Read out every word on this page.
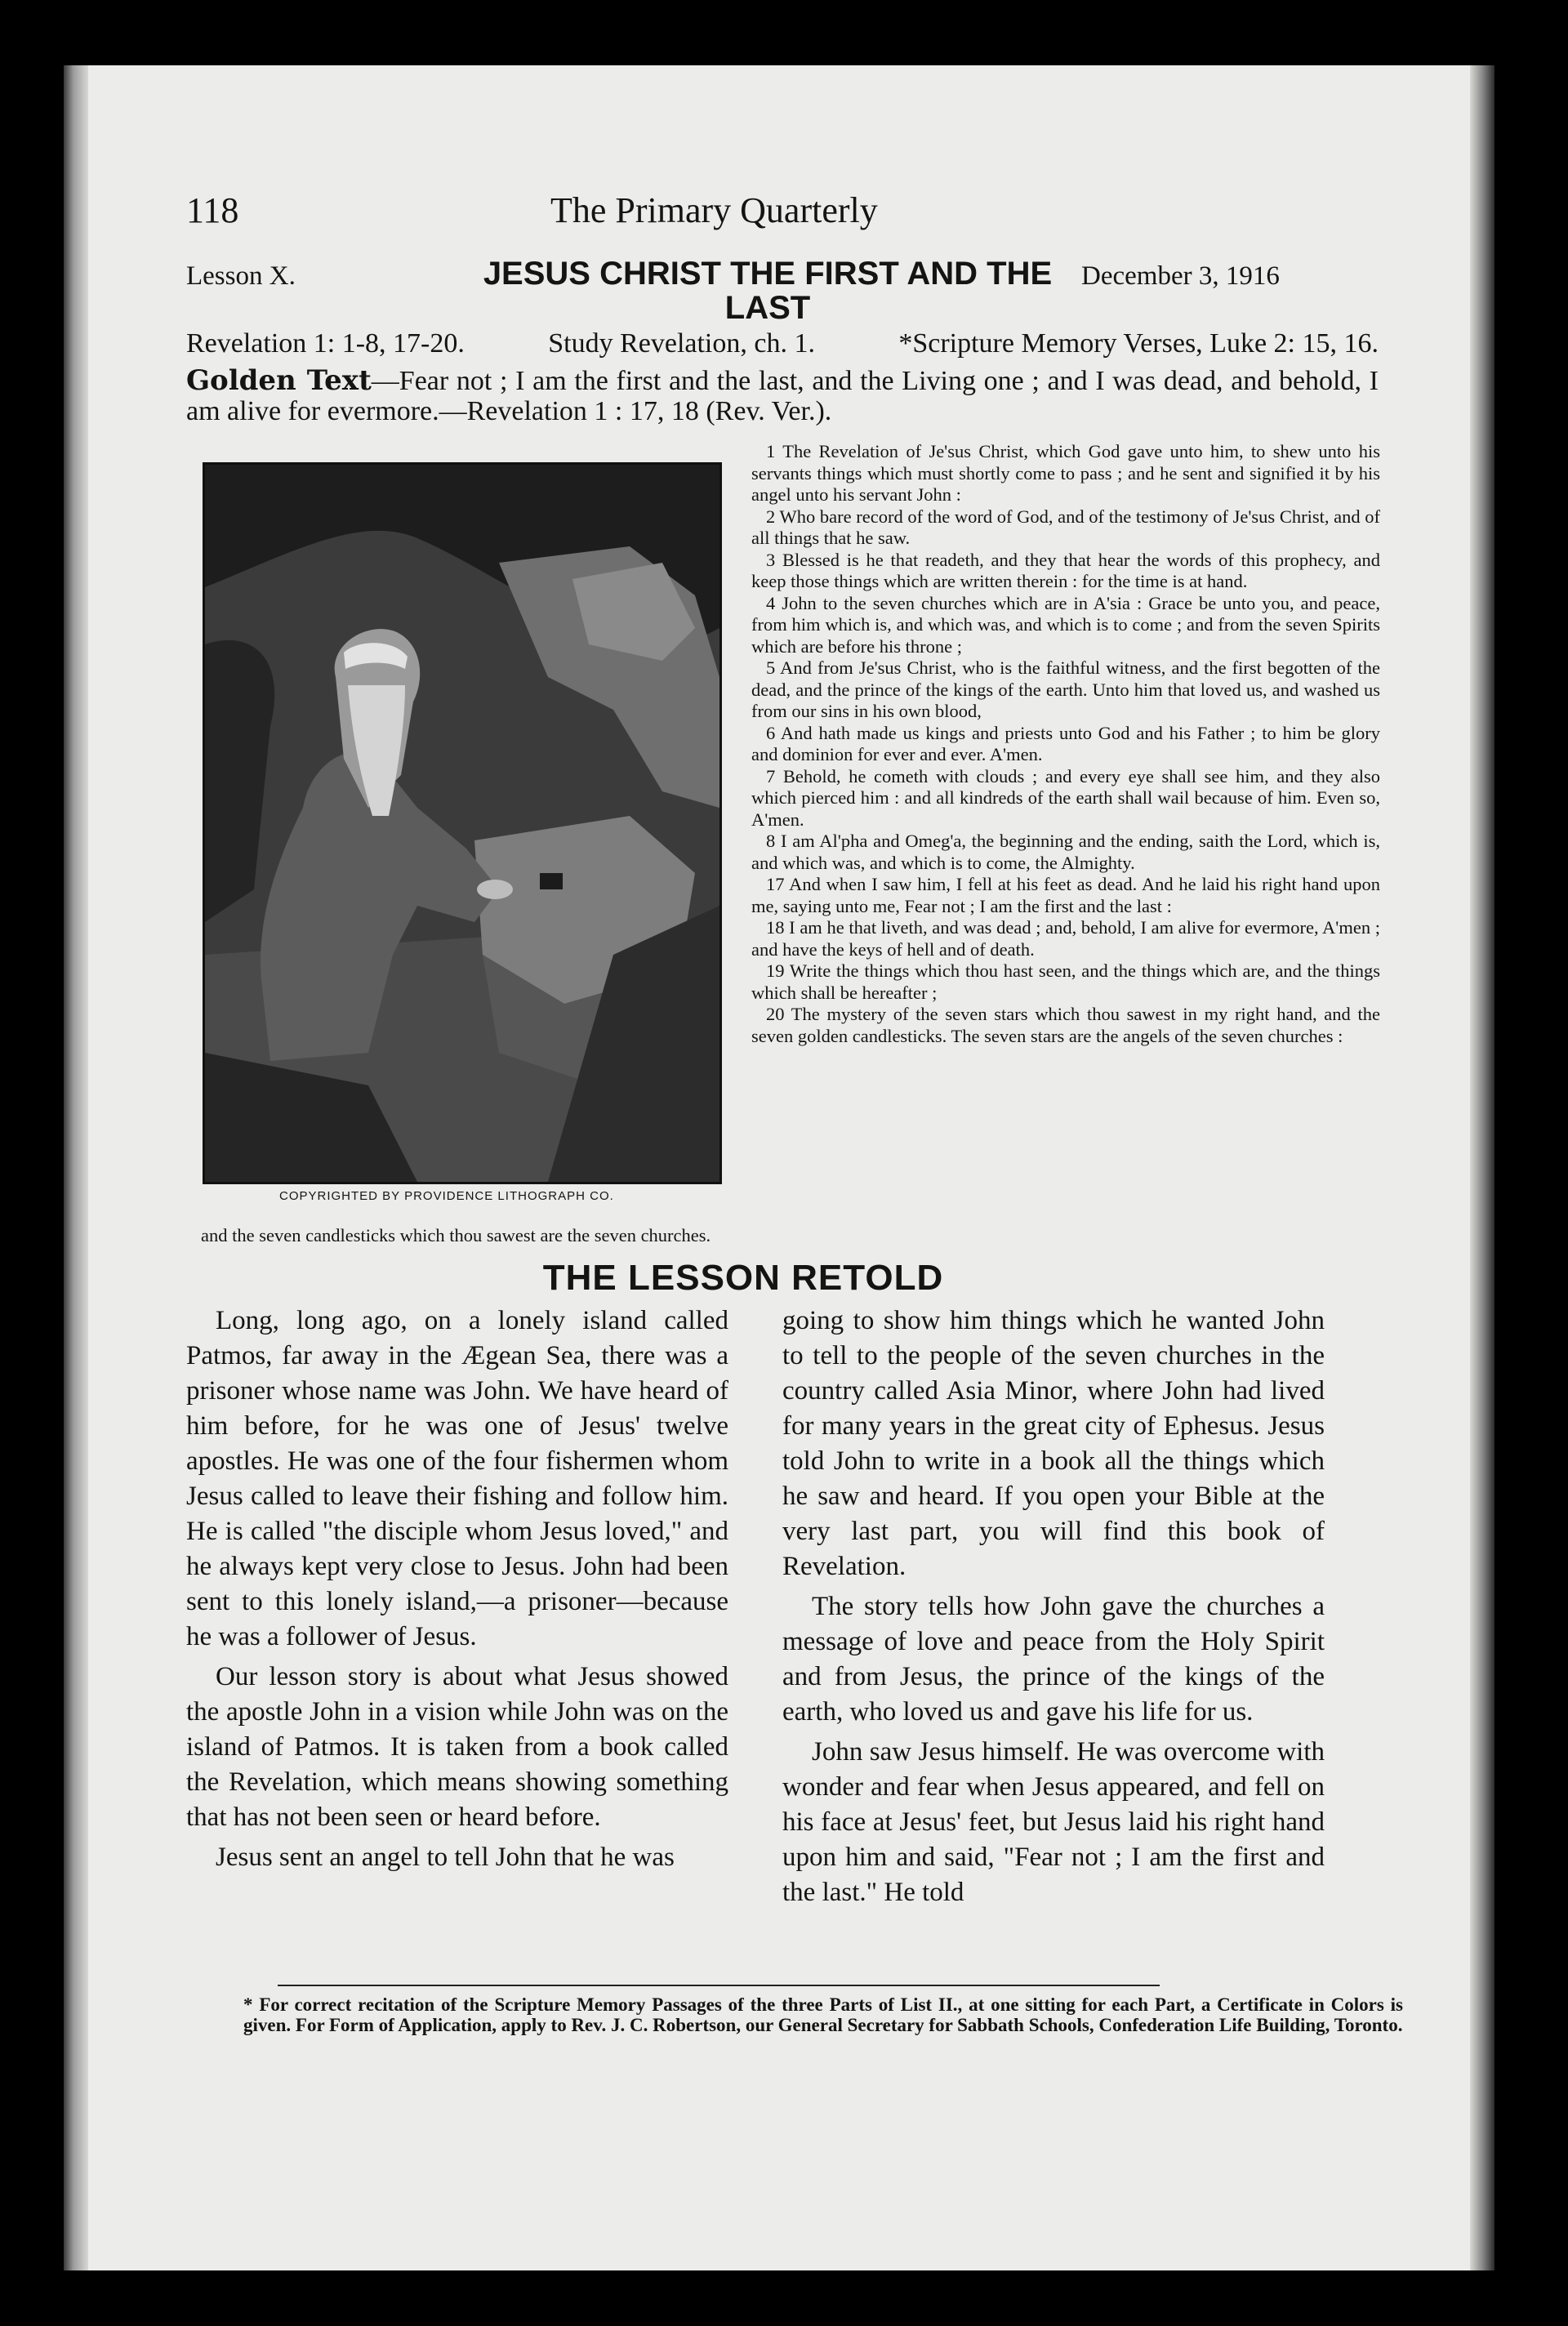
118	The Primary Quarterly
Lesson X.	JESUS CHRIST THE FIRST AND THE
LAST
December 3, 1916
Revelation 1: 1-8, 17-20.	Study Revelation, ch. 1.	*Scripture Memory Verses, Luke 2: 15, 16.
Golden Text—Fear not ; I am the first and the last, and the Living one ; and I was dead, and behold, I am alive for evermore.—Revelation 1 : 17, 18 (Rev. Ver.).
COPYRIGHTED BY PROVIDENCE LITHOGRAPH CO.

1 The Revelation of Je'sus Christ, which God gave unto him, to shew unto his servants things which must shortly come to pass ; and he sent and signified it by his angel unto his servant John :

2 Who bare record of the word of God, and of the testimony of Je'sus Christ, and of all things that he saw.

3 Blessed is he that readeth, and they that hear the words of this prophecy, and keep those things which are written therein : for the time is at hand.

4 John to the seven churches which are in A'sia : Grace be unto you, and peace, from him which is, and which was, and which is to come ; and from the seven Spirits which are before his throne ;

5 And from Je'sus Christ, who is the faithful witness, and the first begotten of the dead, and the prince of the kings of the earth. Unto him that loved us, and washed us from our sins in his own blood,

6 And hath made us kings and priests unto God and his Father ; to him be glory and dominion for ever and ever. A'men.

7 Behold, he cometh with clouds ; and every eye shall see him, and they also which pierced him : and all kindreds of the earth shall wail because of him. Even so, A'men.

8 I am Al'pha and Omeg'a, the beginning and the ending, saith the Lord, which is, and which was, and which is to come, the Almighty.

17 And when I saw him, I fell at his feet as dead. And he laid his right hand upon me, saying unto me, Fear not ; I am the first and the last :

18 I am he that liveth, and was dead ; and, behold, I am alive for evermore, A'men ; and have the keys of hell and of death.

19 Write the things which thou hast seen, and the things which are, and the things which shall be hereafter ;

20 The mystery of the seven stars which thou sawest in my right hand, and the seven golden candlesticks. The seven stars are the angels of the seven churches :

and the seven candlesticks which thou sawest are the seven churches.
THE LESSON RETOLD

Long, long ago, on a lonely island called Patmos, far away in the Ægean Sea, there was a prisoner whose name was John. We have heard of him before, for he was one of Jesus' twelve apostles. He was one of the four fishermen whom Jesus called to leave their fishing and follow him. He is called "the disciple whom Jesus loved," and he always kept very close to Jesus. John had been sent to this lonely island,—a prisoner—because he was a follower of Jesus.

Our lesson story is about what Jesus showed the apostle John in a vision while John was on the island of Patmos. It is taken from a book called the Revelation, which means showing something that has not been seen or heard before.

Jesus sent an angel to tell John that he was

going to show him things which he wanted John to tell to the people of the seven churches in the country called Asia Minor, where John had lived for many years in the great city of Ephesus. Jesus told John to write in a book all the things which he saw and heard. If you open your Bible at the very last part, you will find this book of Revelation.

The story tells how John gave the churches a message of love and peace from the Holy Spirit and from Jesus, the prince of the kings of the earth, who loved us and gave his life for us.

John saw Jesus himself. He was overcome with wonder and fear when Jesus appeared, and fell on his face at Jesus' feet, but Jesus laid his right hand upon him and said, "Fear not ; I am the first and the last." He told

* For correct recitation of the Scripture Memory Passages of the three Parts of List II., at one sitting for each Part, a Certificate in Colors is given. For Form of Application, apply to Rev. J. C. Robertson, our General Secretary for Sabbath Schools, Confederation Life Building, Toronto.
